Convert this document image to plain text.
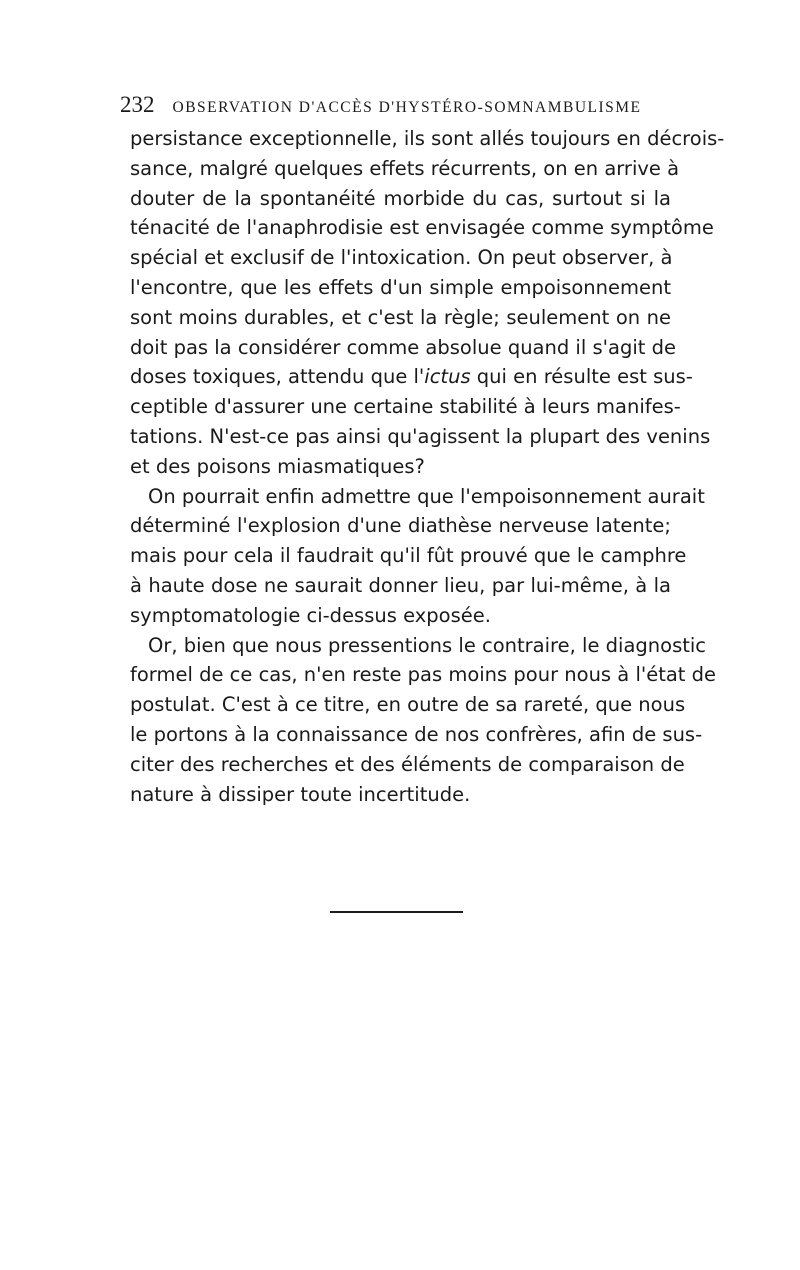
232 OBSERVATION D'ACCÈS D'HYSTÉRO-SOMNAMBULISME
persistance exceptionnelle, ils sont allés toujours en décrois-
sance, malgré quelques effets récurrents, on en arrive à
douter de la spontanéité morbide du cas, surtout si la
ténacité de l'anaphrodisie est envisagée comme symptôme
spécial et exclusif de l'intoxication. On peut observer, à
l'encontre, que les effets d'un simple empoisonnement
sont moins durables, et c'est la règle; seulement on ne
doit pas la considérer comme absolue quand il s'agit de
doses toxiques, attendu que l'ictus qui en résulte est sus-
ceptible d'assurer une certaine stabilité à leurs manifes-
tations. N'est-ce pas ainsi qu'agissent la plupart des venins
et des poisons miasmatiques?
On pourrait enfin admettre que l'empoisonnement aurait
déterminé l'explosion d'une diathèse nerveuse latente;
mais pour cela il faudrait qu'il fût prouvé que le camphre
à haute dose ne saurait donner lieu, par lui-même, à la
symptomatologie ci-dessus exposée.
Or, bien que nous pressentions le contraire, le diagnostic
formel de ce cas, n'en reste pas moins pour nous à l'état de
postulat. C'est à ce titre, en outre de sa rareté, que nous
le portons à la connaissance de nos confrères, afin de sus-
citer des recherches et des éléments de comparaison de
nature à dissiper toute incertitude.
